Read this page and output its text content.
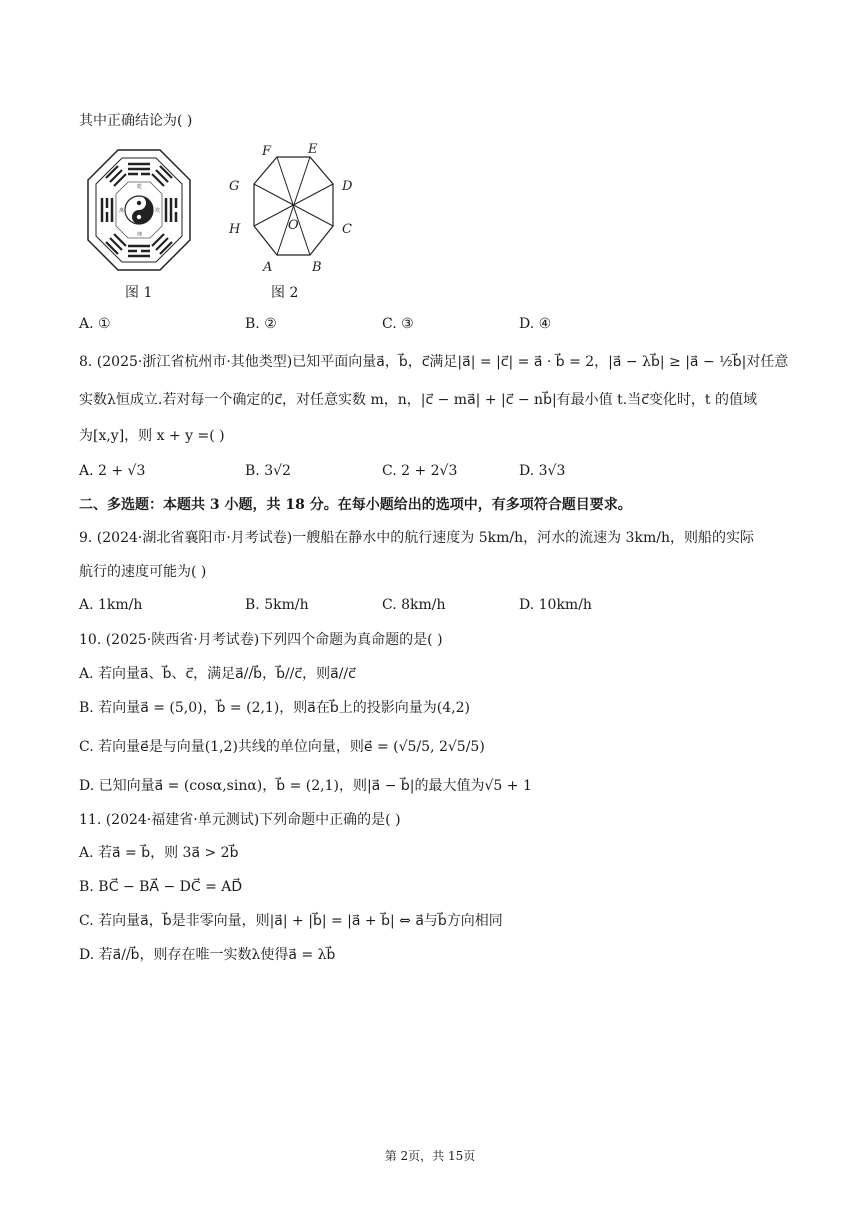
其中正确结论为( )
乾
坤
离	坎
图 1
F	E
G	D
H	C
A	B
O
图 2
A. ①	B. ②	C. ③	D. ④
8. (2025·浙江省杭州市·其他类型)已知平面向量a⃗，b⃗，c⃗满足|a⃗| = |c⃗| = a⃗ · b⃗ = 2，|a⃗ − λb⃗| ≥ |a⃗ − ½b⃗|对任意
实数λ恒成立.若对每一个确定的c⃗，对任意实数 m，n，|c⃗ − ma⃗| + |c⃗ − nb⃗|有最小值 t.当c⃗变化时，t 的值域
为[x,y]，则 x + y =( )
A. 2 + √3	B. 3√2	C. 2 + 2√3	D. 3√3
二、多选题：本题共 3 小题，共 18 分。在每小题给出的选项中，有多项符合题目要求。
9. (2024·湖北省襄阳市·月考试卷)一艘船在静水中的航行速度为 5km/h，河水的流速为 3km/h，则船的实际
航行的速度可能为( )
A. 1km/h	B. 5km/h	C. 8km/h	D. 10km/h
10. (2025·陕西省·月考试卷)下列四个命题为真命题的是( )
A. 若向量a⃗、b⃗、c⃗，满足a⃗//b⃗，b⃗//c⃗，则a⃗//c⃗
B. 若向量a⃗ = (5,0)，b⃗ = (2,1)，则a⃗在b⃗上的投影向量为(4,2)
C. 若向量e⃗是与向量(1,2)共线的单位向量，则e⃗ = (√5/5, 2√5/5)
D. 已知向量a⃗ = (cosα,sinα)，b⃗ = (2,1)，则|a⃗ − b⃗|的最大值为√5 + 1
11. (2024·福建省·单元测试)下列命题中正确的是( )
A. 若a⃗ = b⃗，则 3a⃗ > 2b⃗
B. BC⃗ − BA⃗ − DC⃗ = AD⃗
C. 若向量a⃗，b⃗是非零向量，则|a⃗| + |b⃗| = |a⃗ + b⃗| ⇔ a⃗与b⃗方向相同
D. 若a⃗//b⃗，则存在唯一实数λ使得a⃗ = λb⃗
第 2页，共 15页
